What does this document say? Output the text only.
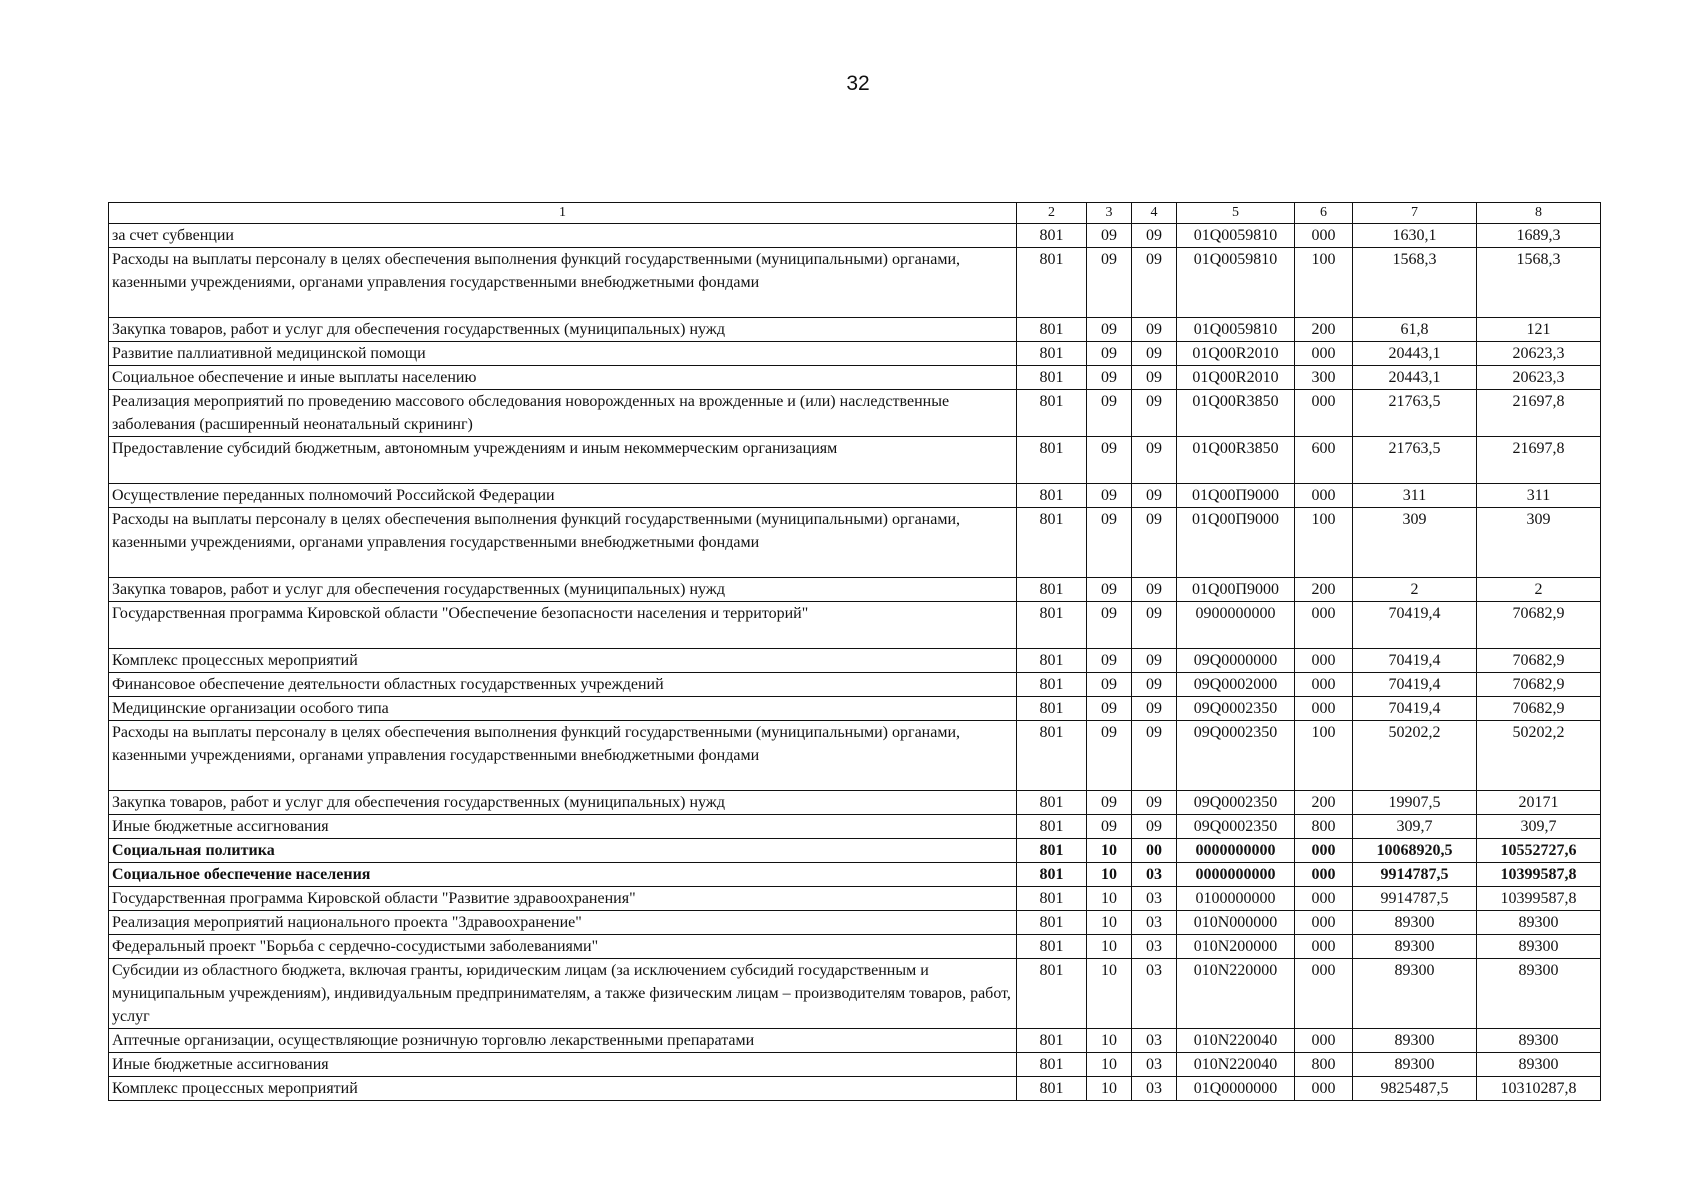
32
1	2	3	4	5	6	7	8
за счет субвенции	801	09	09	01Q0059810	000	1630,1	1689,3
Расходы на выплаты персоналу в целях обеспечения выполнения функций государственными (муниципальными) органами, казенными учреждениями, органами управления государственными внебюджетными фондами	801	09	09	01Q0059810	100	1568,3	1568,3
Закупка товаров, работ и услуг для обеспечения государственных (муниципальных) нужд	801	09	09	01Q0059810	200	61,8	121
Развитие паллиативной медицинской помощи	801	09	09	01Q00R2010	000	20443,1	20623,3
Социальное обеспечение и иные выплаты населению	801	09	09	01Q00R2010	300	20443,1	20623,3
Реализация мероприятий по проведению массового обследования новорожденных на врожденные и (или) наследственные заболевания (расширенный неонатальный скрининг)	801	09	09	01Q00R3850	000	21763,5	21697,8
Предоставление субсидий бюджетным, автономным учреждениям и иным некоммерческим организациям	801	09	09	01Q00R3850	600	21763,5	21697,8
Осуществление переданных полномочий Российской Федерации	801	09	09	01Q00П9000	000	311	311
Расходы на выплаты персоналу в целях обеспечения выполнения функций государственными (муниципальными) органами, казенными учреждениями, органами управления государственными внебюджетными фондами	801	09	09	01Q00П9000	100	309	309
Закупка товаров, работ и услуг для обеспечения государственных (муниципальных) нужд	801	09	09	01Q00П9000	200	2	2
Государственная программа Кировской области "Обеспечение безопасности населения и территорий"	801	09	09	0900000000	000	70419,4	70682,9
Комплекс процессных мероприятий	801	09	09	09Q0000000	000	70419,4	70682,9
Финансовое обеспечение деятельности областных государственных учреждений	801	09	09	09Q0002000	000	70419,4	70682,9
Медицинские организации особого типа	801	09	09	09Q0002350	000	70419,4	70682,9
Расходы на выплаты персоналу в целях обеспечения выполнения функций государственными (муниципальными) органами, казенными учреждениями, органами управления государственными внебюджетными фондами	801	09	09	09Q0002350	100	50202,2	50202,2
Закупка товаров, работ и услуг для обеспечения государственных (муниципальных) нужд	801	09	09	09Q0002350	200	19907,5	20171
Иные бюджетные ассигнования	801	09	09	09Q0002350	800	309,7	309,7
Социальная политика	801	10	00	0000000000	000	10068920,5	10552727,6
Социальное обеспечение населения	801	10	03	0000000000	000	9914787,5	10399587,8
Государственная программа Кировской области "Развитие здравоохранения"	801	10	03	0100000000	000	9914787,5	10399587,8
Реализация мероприятий национального проекта "Здравоохранение"	801	10	03	010N000000	000	89300	89300
Федеральный проект "Борьба с сердечно-сосудистыми заболеваниями"	801	10	03	010N200000	000	89300	89300
Субсидии из областного бюджета, включая гранты, юридическим лицам (за исключением субсидий государственным и муниципальным учреждениям), индивидуальным предпринимателям, а также физическим лицам – производителям товаров, работ, услуг	801	10	03	010N220000	000	89300	89300
Аптечные организации, осуществляющие розничную торговлю лекарственными препаратами	801	10	03	010N220040	000	89300	89300
Иные бюджетные ассигнования	801	10	03	010N220040	800	89300	89300
Комплекс процессных мероприятий	801	10	03	01Q0000000	000	9825487,5	10310287,8
